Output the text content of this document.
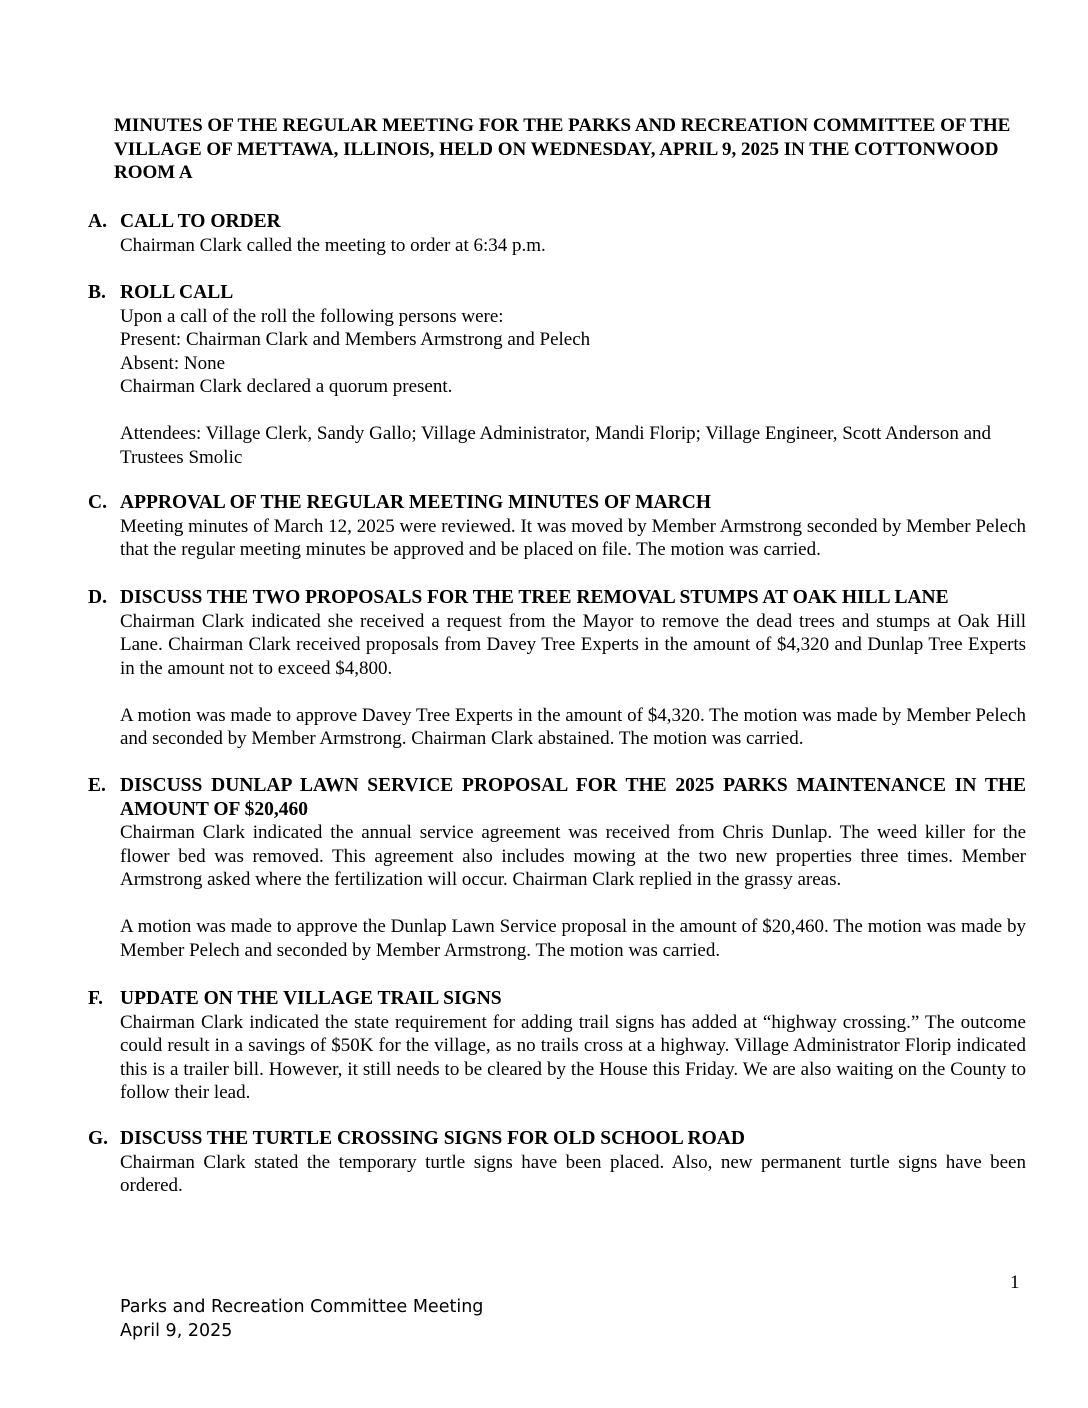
MINUTES OF THE REGULAR MEETING FOR THE PARKS AND RECREATION COMMITTEE OF THE VILLAGE OF METTAWA, ILLINOIS, HELD ON WEDNESDAY, APRIL 9, 2025 IN THE COTTONWOOD ROOM A
A. CALL TO ORDER

Chairman Clark called the meeting to order at 6:34 p.m.

B. ROLL CALL

Upon a call of the roll the following persons were:

Present: Chairman Clark and Members Armstrong and Pelech

Absent: None

Chairman Clark declared a quorum present.

Attendees: Village Clerk, Sandy Gallo; Village Administrator, Mandi Florip; Village Engineer, Scott Anderson and Trustees Smolic

C. APPROVAL OF THE REGULAR MEETING MINUTES OF MARCH

Meeting minutes of March 12, 2025 were reviewed. It was moved by Member Armstrong seconded by Member Pelech that the regular meeting minutes be approved and be placed on file. The motion was carried.

D. DISCUSS THE TWO PROPOSALS FOR THE TREE REMOVAL STUMPS AT OAK HILL LANE

Chairman Clark indicated she received a request from the Mayor to remove the dead trees and stumps at Oak Hill Lane. Chairman Clark received proposals from Davey Tree Experts in the amount of $4,320 and Dunlap Tree Experts in the amount not to exceed $4,800.

A motion was made to approve Davey Tree Experts in the amount of $4,320. The motion was made by Member Pelech and seconded by Member Armstrong. Chairman Clark abstained. The motion was carried.

E. DISCUSS DUNLAP LAWN SERVICE PROPOSAL FOR THE 2025 PARKS MAINTENANCE IN THE AMOUNT OF $20,460

Chairman Clark indicated the annual service agreement was received from Chris Dunlap. The weed killer for the flower bed was removed. This agreement also includes mowing at the two new properties three times. Member Armstrong asked where the fertilization will occur. Chairman Clark replied in the grassy areas.

A motion was made to approve the Dunlap Lawn Service proposal in the amount of $20,460. The motion was made by Member Pelech and seconded by Member Armstrong. The motion was carried.

F. UPDATE ON THE VILLAGE TRAIL SIGNS

Chairman Clark indicated the state requirement for adding trail signs has added at “highway crossing.” The outcome could result in a savings of $50K for the village, as no trails cross at a highway. Village Administrator Florip indicated this is a trailer bill. However, it still needs to be cleared by the House this Friday. We are also waiting on the County to follow their lead.

G. DISCUSS THE TURTLE CROSSING SIGNS FOR OLD SCHOOL ROAD

Chairman Clark stated the temporary turtle signs have been placed. Also, new permanent turtle signs have been ordered.

1
Parks and Recreation Committee Meeting
April 9, 2025
